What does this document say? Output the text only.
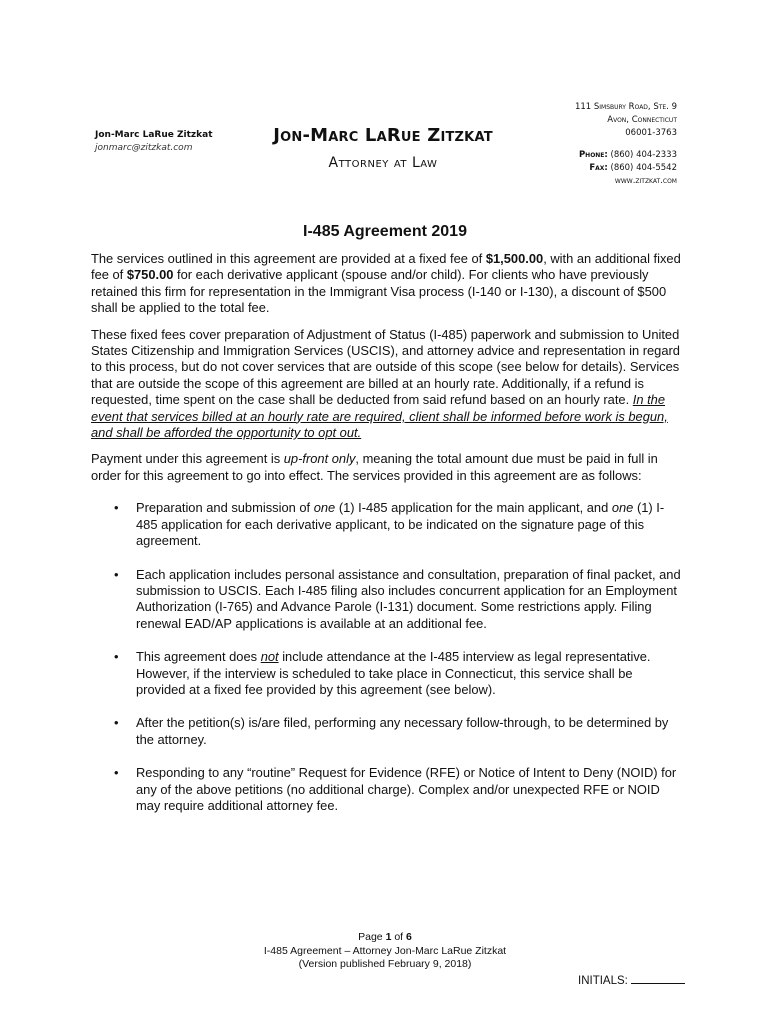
Jon-Marc LaRue Zitzkat
jonmarc@zitzkat.com
Jon-Marc LaRue Zitzkat
Attorney at Law
111 Simsbury Road, Ste. 9
Avon, Connecticut
06001-3763
Phone: (860) 404-2333
Fax: (860) 404-5542
www.zitzkat.com
I-485 Agreement 2019

The services outlined in this agreement are provided at a fixed fee of $1,500.00, with an additional fixed fee of $750.00 for each derivative applicant (spouse and/or child). For clients who have previously retained this firm for representation in the Immigrant Visa process (I-140 or I-130), a discount of $500 shall be applied to the total fee.

These fixed fees cover preparation of Adjustment of Status (I-485) paperwork and submission to United States Citizenship and Immigration Services (USCIS), and attorney advice and representation in regard to this process, but do not cover services that are outside of this scope (see below for details). Services that are outside the scope of this agreement are billed at an hourly rate. Additionally, if a refund is requested, time spent on the case shall be deducted from said refund based on an hourly rate. In the event that services billed at an hourly rate are required, client shall be informed before work is begun, and shall be afforded the opportunity to opt out.

Payment under this agreement is up-front only, meaning the total amount due must be paid in full in order for this agreement to go into effect. The services provided in this agreement are as follows:

• Preparation and submission of one (1) I-485 application for the main applicant, and one (1) I-485 application for each derivative applicant, to be indicated on the signature page of this agreement.
• Each application includes personal assistance and consultation, preparation of final packet, and submission to USCIS. Each I-485 filing also includes concurrent application for an Employment Authorization (I-765) and Advance Parole (I-131) document. Some restrictions apply. Filing renewal EAD/AP applications is available at an additional fee.
• This agreement does not include attendance at the I-485 interview as legal representative. However, if the interview is scheduled to take place in Connecticut, this service shall be provided at a fixed fee provided by this agreement (see below).
• After the petition(s) is/are filed, performing any necessary follow-through, to be determined by the attorney.
• Responding to any “routine” Request for Evidence (RFE) or Notice of Intent to Deny (NOID) for any of the above petitions (no additional charge). Complex and/or unexpected RFE or NOID may require additional attorney fee.
Page 1 of 6
I-485 Agreement – Attorney Jon-Marc LaRue Zitzkat
(Version published February 9, 2018)
INITIALS:
